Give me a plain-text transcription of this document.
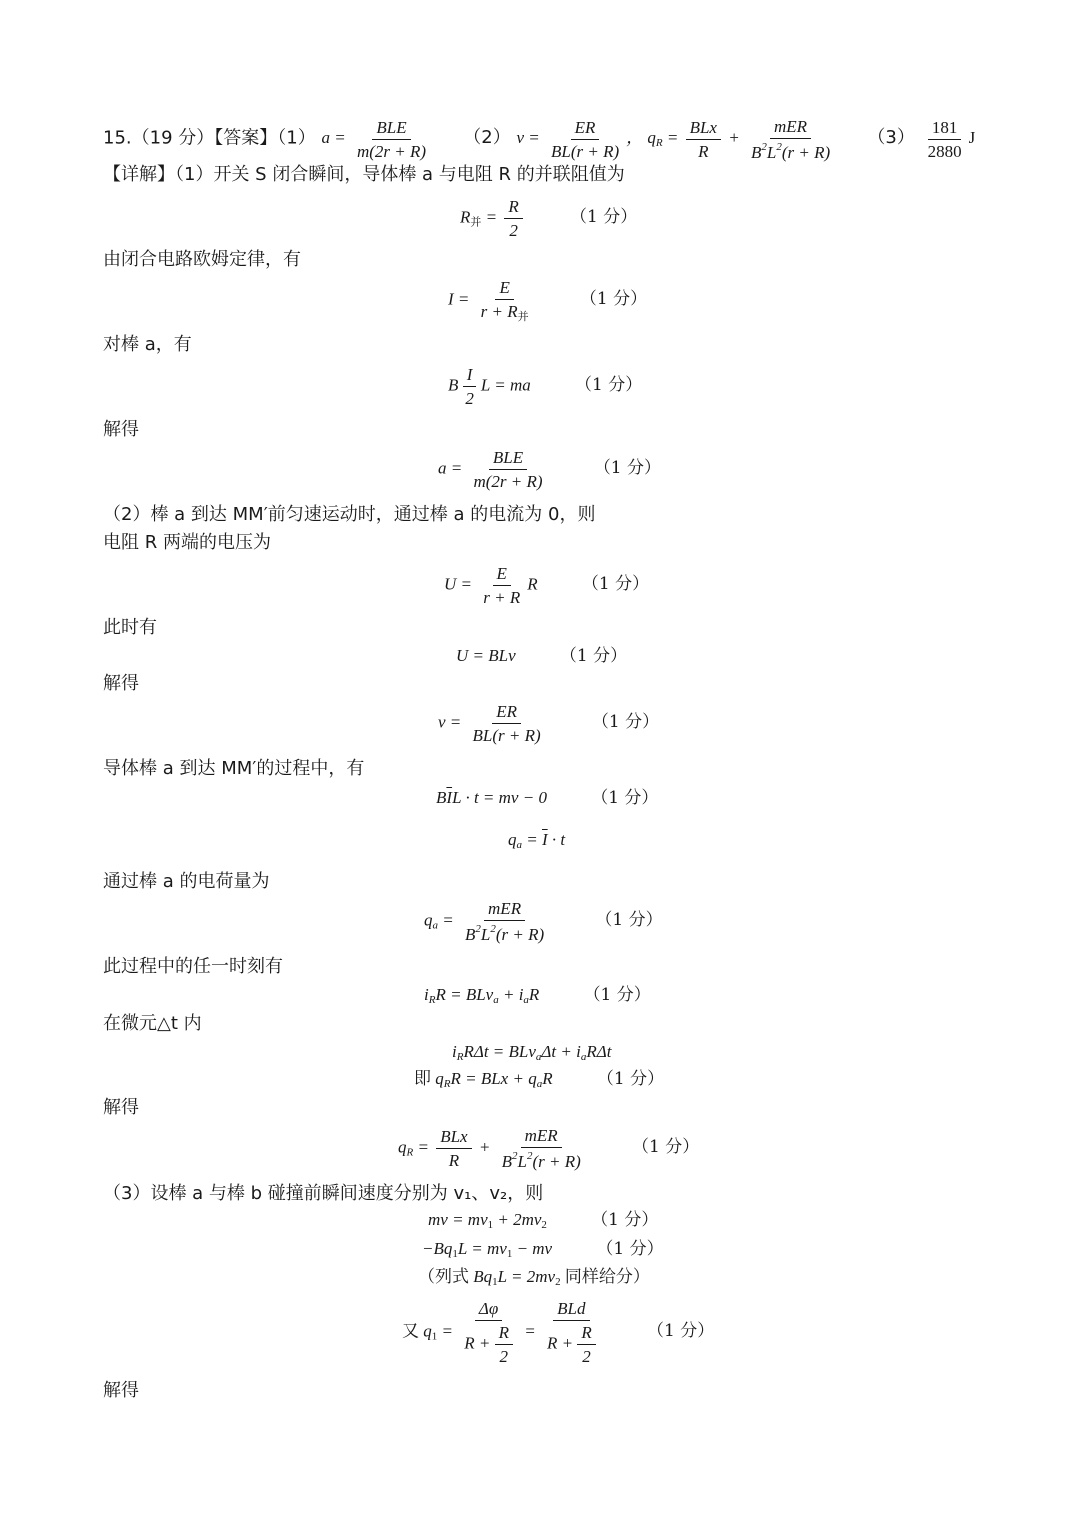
15.（19 分）【答案】（1） $a = \frac{\text{BLE}}{m(2r + R)} (2) v = \frac{ER}{BL(r + R)}$ ， $q_R = \frac{\text{BLx}}{R} + \frac{\text{mER}}{B^2L^2(r + R)} (3) \frac{181}{2880}$ J
【详解】（1）开关 S 闭合瞬间，导体棒 a 与电阻 R 的并联阻值为
$R_并 = \frac{R}{2}$	（1 分）
由闭合电路欧姆定律，有
$I = \frac{E}{r + R_并}$	（1 分）
对棒 a，有
B $\frac{I}{2}$ L = ma （1 分）
解得
$a = \frac{\text{BLE}}{m(2r + R)}$	（1 分）
（2）棒 a 到达 MM′前匀速运动时，通过棒 a 的电流为 0，则
电阻 R 两端的电压为
$U = \frac{E}{r + R}$ R （1 分）
此时有
U = BLv （1 分）
解得
$v = \frac{ER}{BL(r + R)}$	（1 分）
导体棒 a 到达 MM′的过程中，有
$B\overline{I}L \cdot t$ = mv − 0 （1 分）
$q_a = \overline{I} \cdot t$
通过棒 a 的电荷量为
$q_a = \frac{\text{mER}}{B^2L^2(r + R)}$	（1 分）
此过程中的任一时刻有
$i_RR = BLv_a + i_aR$ （1 分）
在微元△t 内
$i_RR\Delta t = BLv_a\Delta t + i_aR\Delta t$
即 $q_RR$ = BLx + $q_aR$ （1 分）
解得
$q_R = \frac{\text{BLx}}{R} + \frac{\text{mER}}{B^2L^2(r + R)}$	（1 分）
（3）设棒 a 与棒 b 碰撞前瞬间速度分别为 v₁、v₂，则
mv = $mv_1 + 2mv_2$	（1 分）
$-Bq_1L = mv_1$ − mv （1 分）
（列式 $Bq_1L = 2mv_2$ 同样给分）
又 $q_1 = \frac{\Delta\varphi}{R + \frac{R}{2}} = \frac{\text{BLd}}{R + \frac{R}{2}}$	（1 分）
解得
